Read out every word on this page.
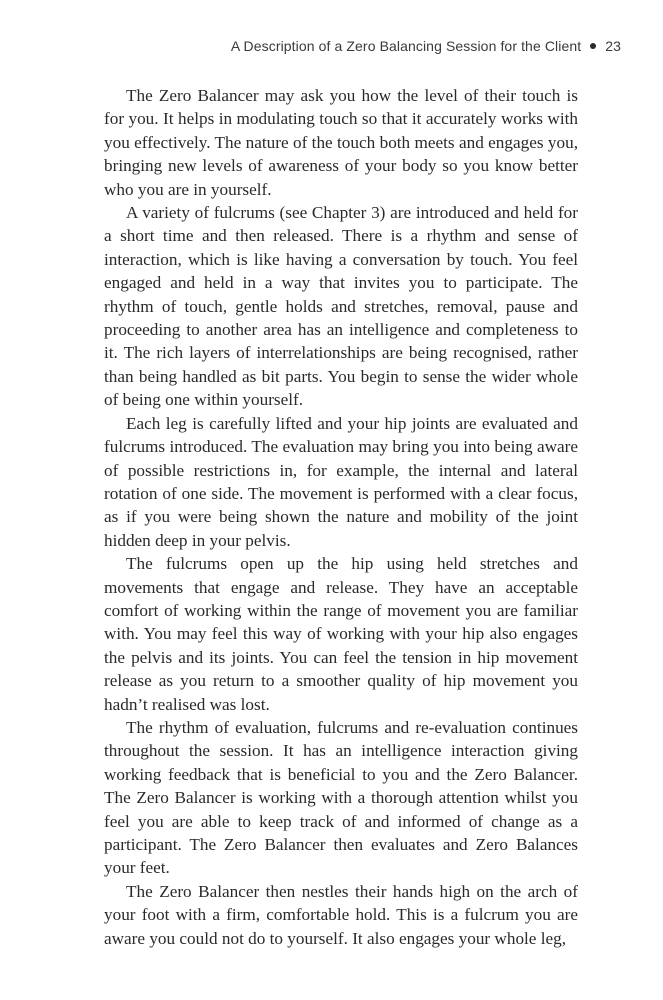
A Description of a Zero Balancing Session for the Client 23

The Zero Balancer may ask you how the level of their touch is for you. It helps in modulating touch so that it accurately works with you effectively. The nature of the touch both meets and engages you, bringing new levels of awareness of your body so you know better who you are in yourself.

A variety of fulcrums (see Chapter 3) are introduced and held for a short time and then released. There is a rhythm and sense of interaction, which is like having a conversation by touch. You feel engaged and held in a way that invites you to participate. The rhythm of touch, gentle holds and stretches, removal, pause and proceeding to another area has an intelligence and completeness to it. The rich layers of interrelationships are being recognised, rather than being handled as bit parts. You begin to sense the wider whole of being one within yourself.

Each leg is carefully lifted and your hip joints are evaluated and fulcrums introduced. The evaluation may bring you into being aware of possible restrictions in, for example, the internal and lateral rotation of one side. The movement is performed with a clear focus, as if you were being shown the nature and mobility of the joint hidden deep in your pelvis.

The fulcrums open up the hip using held stretches and movements that engage and release. They have an acceptable comfort of working within the range of movement you are familiar with. You may feel this way of working with your hip also engages the pelvis and its joints. You can feel the tension in hip movement release as you return to a smoother quality of hip movement you hadn’t realised was lost.

The rhythm of evaluation, fulcrums and re-evaluation continues throughout the session. It has an intelligence interaction giving working feedback that is beneficial to you and the Zero Balancer. The Zero Balancer is working with a thorough attention whilst you feel you are able to keep track of and informed of change as a participant. The Zero Balancer then evaluates and Zero Balances your feet.

The Zero Balancer then nestles their hands high on the arch of your foot with a firm, comfortable hold. This is a fulcrum you are aware you could not do to yourself. It also engages your whole leg,
